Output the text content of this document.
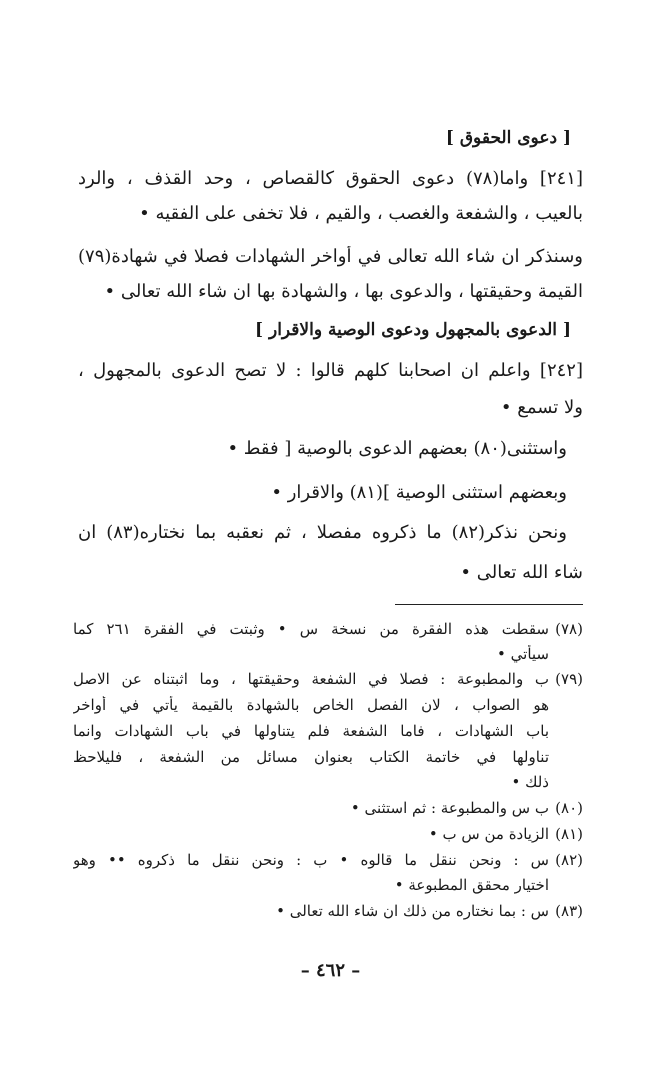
[ دعوى الحقوق ]
[٢٤١] واما(٧٨) دعوى الحقوق كالقصاص ، وحد القذف ، والرد
بالعيب ، والشفعة والغصب ، والقيم ، فلا تخفى على الفقيه •
وسنذكر ان شاء الله تعالى في أواخر الشهادات فصلا في شهادة(٧٩)
القيمة وحقيقتها ، والدعوى بها ، والشهادة بها ان شاء الله تعالى •
[ الدعوى بالمجهول ودعوى الوصية والاقرار ]
[٢٤٢] واعلم ان اصحابنا كلهم قالوا : لا تصح الدعوى بالمجهول ،
ولا تسمع •
واستثنى(٨٠) بعضهم الدعوى بالوصية [ فقط •
وبعضهم استثنى الوصية ](٨١) والاقرار •
ونحن نذكر(٨٢) ما ذكروه مفصلا ، ثم نعقبه بما نختاره(٨٣) ان
شاء الله تعالى •
(٧٨)سقطت هذه الفقرة من نسخة س • وثبتت في الفقرة ٢٦١ كما
سيأتي •
(٧٩)ب والمطبوعة : فصلا في الشفعة وحقيقتها ، وما اثبتناه عن الاصل
هو الصواب ، لان الفصل الخاص بالشهادة بالقيمة يأتي في أواخر
باب الشهادات ، فاما الشفعة فلم يتناولها في باب الشهادات وانما
تناولها في خاتمة الكتاب بعنوان مسائل من الشفعة ، فليلاحظ
ذلك •
(٨٠)ب س والمطبوعة : ثم استثنى •
(٨١)الزيادة من س ب •
(٨٢)س : ونحن ننقل ما قالوه • ب : ونحن ننقل ما ذكروه •• وهو
اختيار محقق المطبوعة •
(٨٣)س : بما نختاره من ذلك ان شاء الله تعالى •
– ٤٦٢ –
